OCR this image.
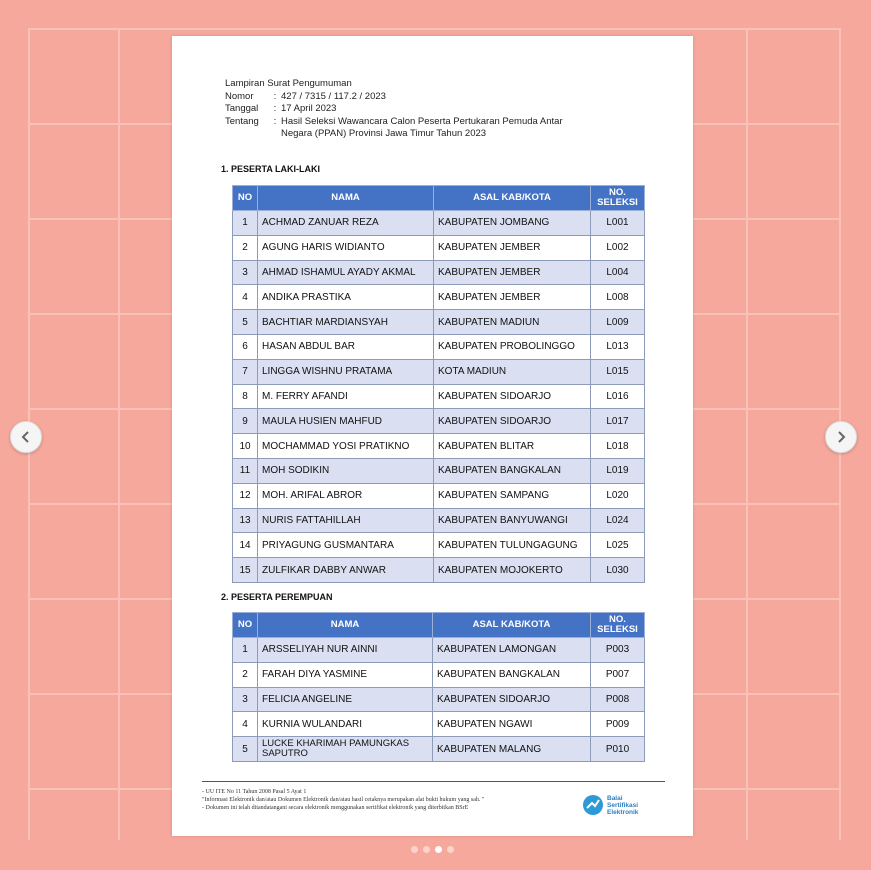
Lampiran Surat Pengumuman
Nomor	: 427 / 7315 / 117.2 / 2023
Tanggal	: 17 April 2023
Tentang	: Hasil Seleksi Wawancara Calon Peserta Pertukaran Pemuda Antar
Negara (PPAN) Provinsi Jawa Timur Tahun 2023
1. PESERTA LAKI-LAKI
NO	NAMA	ASAL KAB/KOTA	NO.
SELEKSI
1	ACHMAD ZANUAR REZA	KABUPATEN JOMBANG	L001
2	AGUNG HARIS WIDIANTO	KABUPATEN JEMBER	L002
3	AHMAD ISHAMUL AYADY AKMAL	KABUPATEN JEMBER	L004
4	ANDIKA PRASTIKA	KABUPATEN JEMBER	L008
5	BACHTIAR MARDIANSYAH	KABUPATEN MADIUN	L009
6	HASAN ABDUL BAR	KABUPATEN PROBOLINGGO	L013
7	LINGGA WISHNU PRATAMA	KOTA MADIUN	L015
8	M. FERRY AFANDI	KABUPATEN SIDOARJO	L016
9	MAULA HUSIEN MAHFUD	KABUPATEN SIDOARJO	L017
10	MOCHAMMAD YOSI PRATIKNO	KABUPATEN BLITAR	L018
11	MOH SODIKIN	KABUPATEN BANGKALAN	L019
12	MOH. ARIFAL ABROR	KABUPATEN SAMPANG	L020
13	NURIS FATTAHILLAH	KABUPATEN BANYUWANGI	L024
14	PRIYAGUNG GUSMANTARA	KABUPATEN TULUNGAGUNG	L025
15	ZULFIKAR DABBY ANWAR	KABUPATEN MOJOKERTO	L030
2. PESERTA PEREMPUAN
NO	NAMA	ASAL KAB/KOTA	NO.
SELEKSI
1	ARSSELIYAH NUR AINNI	KABUPATEN LAMONGAN	P003
2	FARAH DIYA YASMINE	KABUPATEN BANGKALAN	P007
3	FELICIA ANGELINE	KABUPATEN SIDOARJO	P008
4	KURNIA WULANDARI	KABUPATEN NGAWI	P009
5	LUCKE KHARIMAH PAMUNGKAS SAPUTRO	KABUPATEN MALANG	P010
- UU ITE No 11 Tahun 2008 Pasal 5 Ayat 1
"Informasi Elektronik dan/atau Dokumen Elektronik dan/atau hasil cetaknya merupakan alat bukti hukum yang sah. "
- Dokumen ini telah ditandatangani secara elektronik menggunakan sertifikat elektronik yang diterbitkan BSrE
Balai
Sertifikasi
Elektronik
